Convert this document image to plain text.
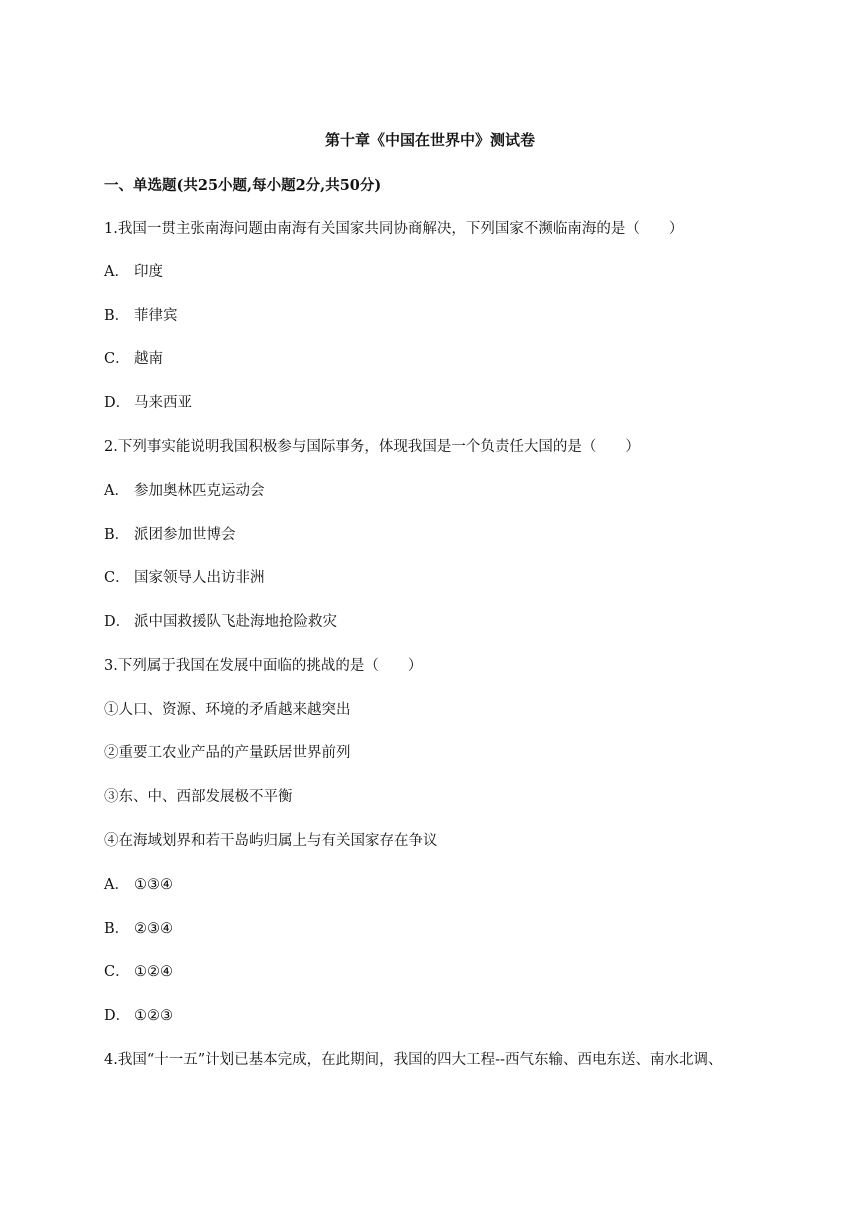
第十章《中国在世界中》测试卷
一、单选题(共25小题,每小题2分,共50分)
1.我国一贯主张南海问题由南海有关国家共同协商解决，下列国家不濒临南海的是（　　）
A． 印度
B． 菲律宾
C． 越南
D． 马来西亚
2.下列事实能说明我国积极参与国际事务，体现我国是一个负责任大国的是（　　）
A． 参加奥林匹克运动会
B． 派团参加世博会
C． 国家领导人出访非洲
D． 派中国救援队飞赴海地抢险救灾
3.下列属于我国在发展中面临的挑战的是（　　）
①人口、资源、环境的矛盾越来越突出
②重要工农业产品的产量跃居世界前列
③东、中、西部发展极不平衡
④在海域划界和若干岛屿归属上与有关国家存在争议
A． ①③④
B． ②③④
C． ①②④
D． ①②③
4.我国“十一五”计划已基本完成，在此期间，我国的四大工程--西气东输、西电东送、南水北调、
